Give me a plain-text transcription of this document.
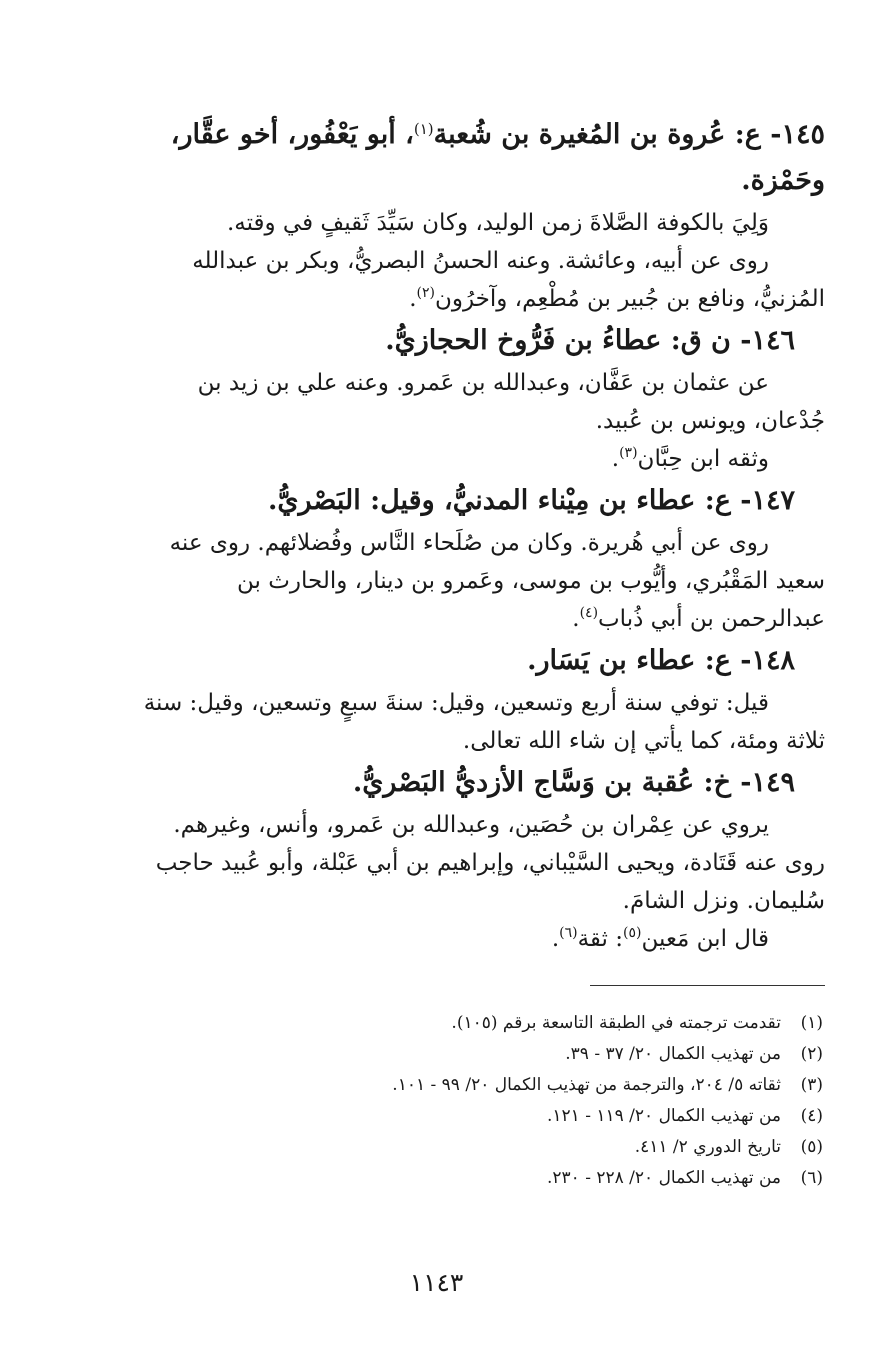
١٤٥- ع: عُروة بن المُغيرة بن شُعبة$^{(١)}$، أبو يَعْفُور، أخو عقَّار،
وحَمْزة.
وَلِيَ بالكوفة الصَّلاةَ زمن الوليد، وكان سَيِّدَ ثَقيفٍ في وقته.
روى عن أبيه، وعائشة. وعنه الحسنُ البصريُّ، وبكر بن عبدالله
المُزنيُّ، ونافع بن جُبير بن مُطْعِم، وآخرُون$^{(٢)}$.
١٤٦- ن ق: عطاءُ بن فَرُّوخ الحجازيُّ.
عن عثمان بن عَفَّان، وعبدالله بن عَمرو. وعنه علي بن زيد بن
جُدْعان، ويونس بن عُبيد.
وثقه ابن حِبَّان$^{(٣)}$.
١٤٧- ع: عطاء بن مِيْناء المدنيُّ، وقيل: البَصْريُّ.
روى عن أبي هُريرة. وكان من صُلَحاء النَّاس وفُضلائهم. روى عنه
سعيد المَقْبُري، وأيُّوب بن موسى، وعَمرو بن دينار، والحارث بن
عبدالرحمن بن أبي ذُباب$^{(٤)}$.
١٤٨- ع: عطاء بن يَسَار.
قيل: توفي سنة أربع وتسعين، وقيل: سنةَ سبعٍ وتسعين، وقيل: سنة
ثلاثة ومئة، كما يأتي إن شاء الله تعالى.
١٤٩- خ: عُقبة بن وَسَّاج الأزديُّ البَصْريُّ.
يروي عن عِمْران بن حُصَين، وعبدالله بن عَمرو، وأنس، وغيرهم.
روى عنه قَتَادة، ويحيى السَّيْباني، وإبراهيم بن أبي عَبْلة، وأبو عُبيد حاجب
سُليمان. ونزل الشامَ.
قال ابن مَعين$^{(٥)}$: ثقة$^{(٦)}$.
(١)
تقدمت ترجمته في الطبقة التاسعة برقم (١٠٥).
(٢)
من تهذيب الكمال ٢٠/ ٣٧ - ٣٩.
(٣)
ثقاته ٥/ ٢٠٤، والترجمة من تهذيب الكمال ٢٠/ ٩٩ - ١٠١.
(٤)
من تهذيب الكمال ٢٠/ ١١٩ - ١٢١.
(٥)
تاريخ الدوري ٢/ ٤١١.
(٦)
من تهذيب الكمال ٢٠/ ٢٢٨ - ٢٣٠.
١١٤٣
